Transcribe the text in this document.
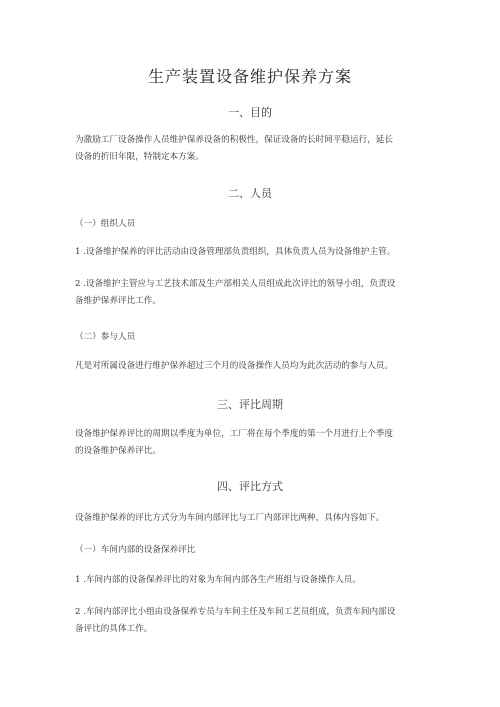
生产装置设备维护保养方案
一、目的
为激励工厂设备操作人员维护保养设备的积极性，保证设备的长时间平稳运行，延长
设备的折旧年限，特制定本方案。
二、人员
（一）组织人员
1 .设备维护保养的评比活动由设备管理部负责组织，具体负责人员为设备维护主管。
2 .设备维护主管应与工艺技术部及生产部相关人员组成此次评比的领导小组，负责设
备维护保养评比工作。
（二）参与人员
凡是对所属设备进行维护保养超过三个月的设备操作人员均为此次活动的参与人员。
三、评比周期
设备维护保养评比的周期以季度为单位，工厂将在每个季度的第一个月进行上个季度
的设备维护保养评比。
四、评比方式
设备维护保养的评比方式分为车间内部评比与工厂内部评比两种，具体内容如下。
（一）车间内部的设备保养评比
1 .车间内部的设备保养评比的对象为车间内部各生产班组与设备操作人员。
2 .车间内部评比小组由设备保养专员与车间主任及车间工艺员组成，负责车间内部设
备评比的具体工作。
